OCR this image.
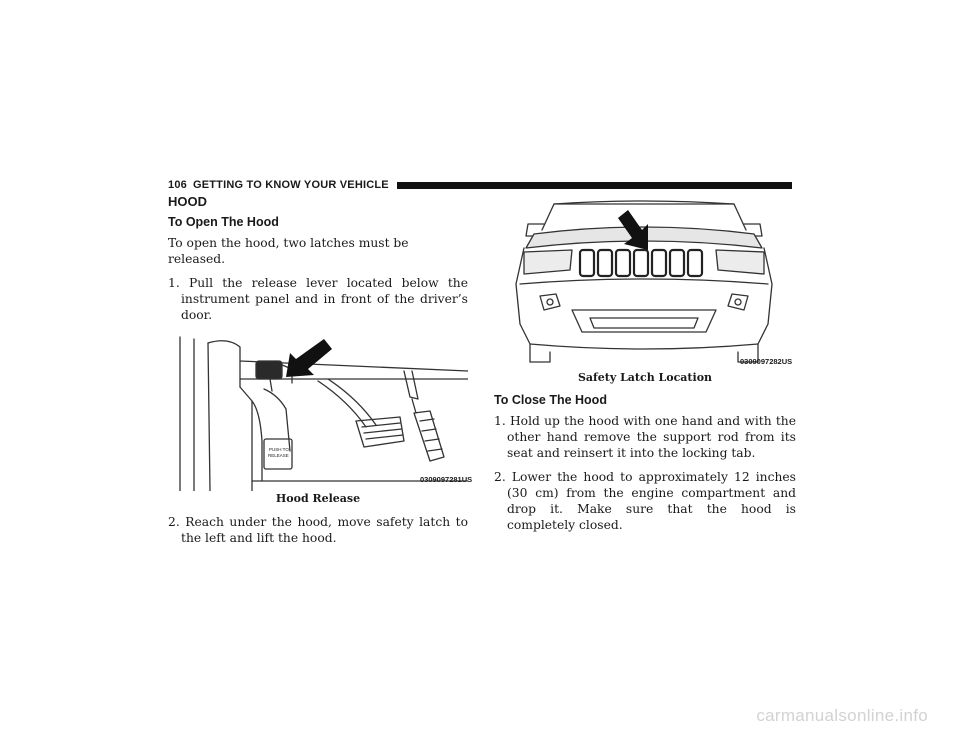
106 GETTING TO KNOW YOUR VEHICLE
HOOD
To Open The Hood

To open the hood, two latches must be released.

1. Pull the release lever located below the instrument panel and in front of the driver’s door.
0309097281US
PUSH TO
RELEASE
Hood Release
2. Reach under the hood, move safety latch to the left and lift the hood.
0309097282US
Safety Latch Location
To Close The Hood
1. Hold up the hood with one hand and with the other hand remove the support rod from its seat and reinsert it into the locking tab.
2. Lower the hood to approximately 12 inches (30 cm) from the engine compartment and drop it. Make sure that the hood is completely closed.
carmanualsonline.info
